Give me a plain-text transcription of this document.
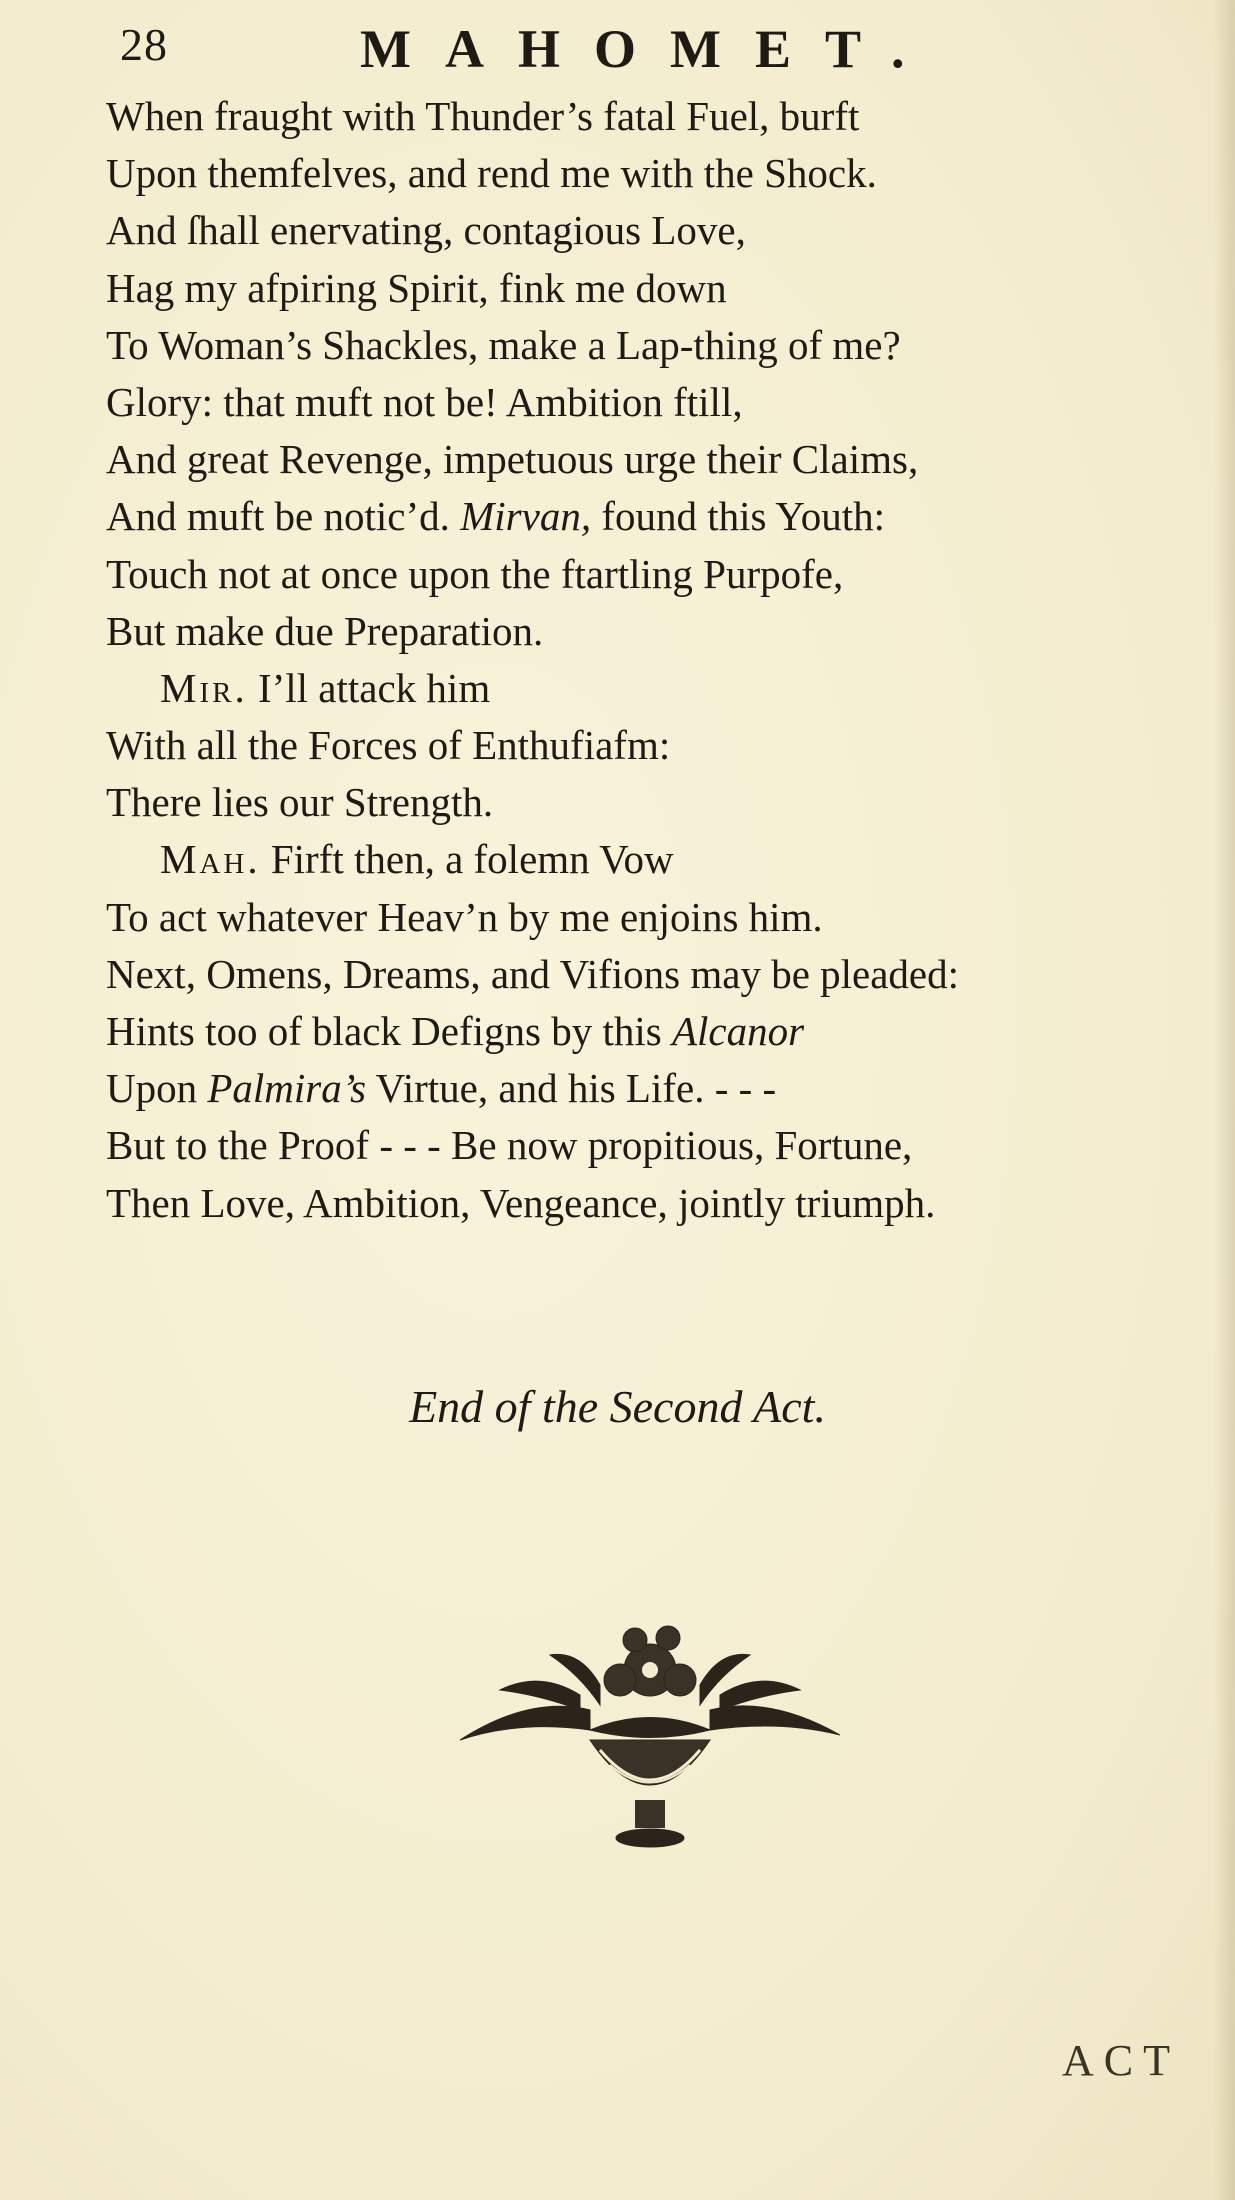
28	MAHOMET.
When fraught with Thunder’s fatal Fuel, burft
Upon themfelves, and rend me with the Shock.
And ſhall enervating, contagious Love,
Hag my afpiring Spirit, fink me down
To Woman’s Shackles, make a Lap-thing of me?
Glory: that muft not be! Ambition ftill,
And great Revenge, impetuous urge their Claims,
And muft be notic’d. Mirvan, found this Youth:
Touch not at once upon the ftartling Purpofe,
But make due Preparation.
Mir. I’ll attack him
With all the Forces of Enthufiafm:
There lies our Strength.
Mah. Firft then, a folemn Vow
To act whatever Heav’n by me enjoins him.
Next, Omens, Dreams, and Vifions may be pleaded:
Hints too of black Defigns by this Alcanor
Upon Palmira’s Virtue, and his Life. - - -
But to the Proof - - - Be now propitious, Fortune,
Then Love, Ambition, Vengeance, jointly triumph.
End of the Second Act.
ACT
